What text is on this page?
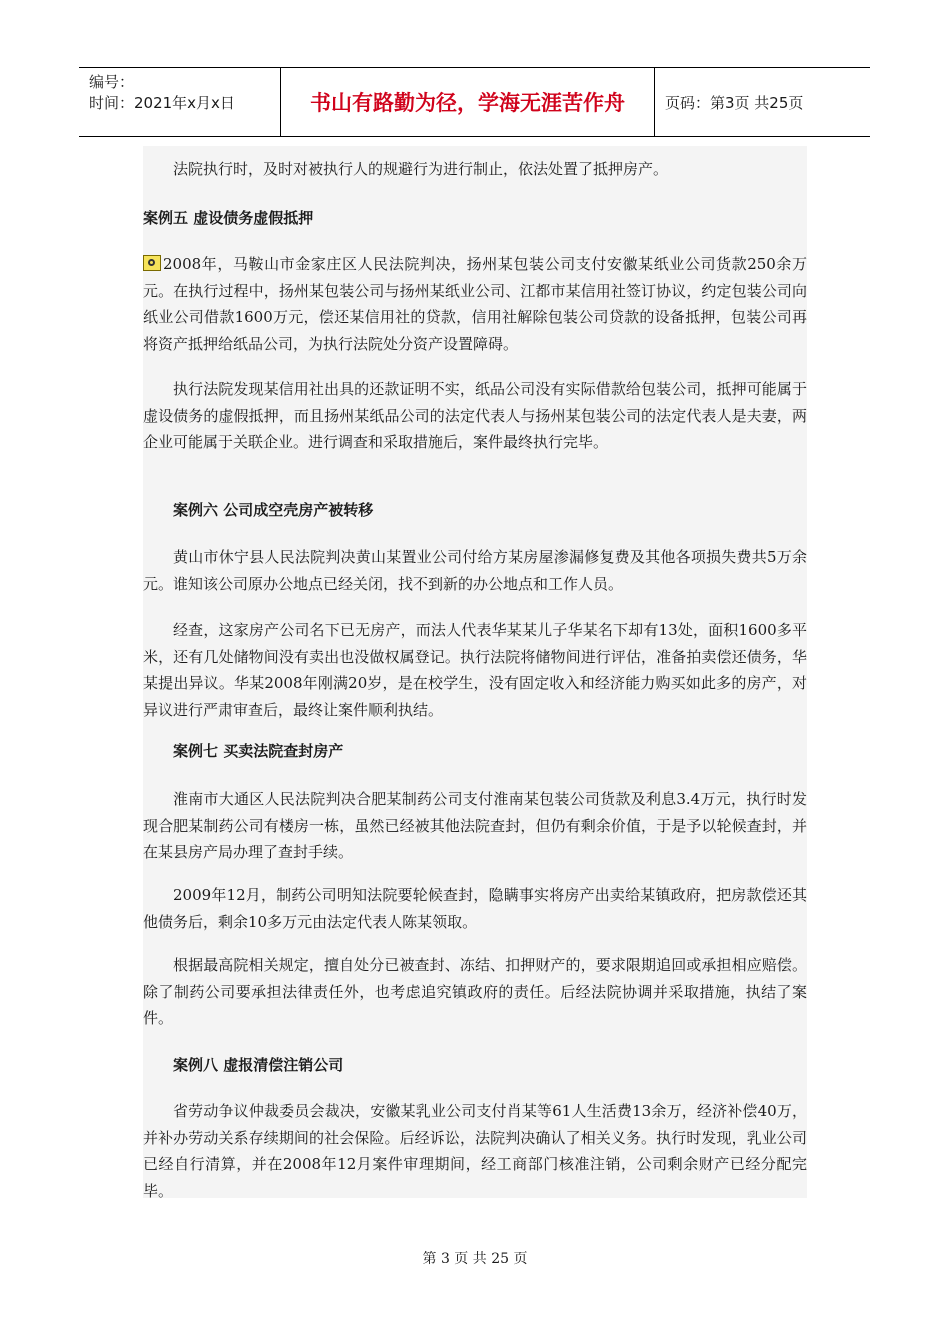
编号：
时间：2021年x月x日	书山有路勤为径，学海无涯苦作舟	页码：第3页 共25页

法院执行时，及时对被执行人的规避行为进行制止，依法处置了抵押房产。

案例五 虚设债务虚假抵押

2008年，马鞍山市金家庄区人民法院判决，扬州某包装公司支付安徽某纸业公司货款250余万元。在执行过程中，扬州某包装公司与扬州某纸业公司、江都市某信用社签订协议，约定包装公司向纸业公司借款1600万元，偿还某信用社的贷款，信用社解除包装公司贷款的设备抵押，包装公司再将资产抵押给纸品公司，为执行法院处分资产设置障碍。

执行法院发现某信用社出具的还款证明不实，纸品公司没有实际借款给包装公司，抵押可能属于虚设债务的虚假抵押，而且扬州某纸品公司的法定代表人与扬州某包装公司的法定代表人是夫妻，两企业可能属于关联企业。进行调查和采取措施后，案件最终执行完毕。

案例六 公司成空壳房产被转移

黄山市休宁县人民法院判决黄山某置业公司付给方某房屋渗漏修复费及其他各项损失费共5万余元。谁知该公司原办公地点已经关闭，找不到新的办公地点和工作人员。

经查，这家房产公司名下已无房产，而法人代表华某某儿子华某名下却有13处，面积1600多平米，还有几处储物间没有卖出也没做权属登记。执行法院将储物间进行评估，准备拍卖偿还债务，华某提出异议。华某2008年刚满20岁，是在校学生，没有固定收入和经济能力购买如此多的房产，对异议进行严肃审查后，最终让案件顺利执结。

案例七 买卖法院查封房产

淮南市大通区人民法院判决合肥某制药公司支付淮南某包装公司货款及利息3.4万元，执行时发现合肥某制药公司有楼房一栋，虽然已经被其他法院查封，但仍有剩余价值，于是予以轮候查封，并在某县房产局办理了查封手续。

2009年12月，制药公司明知法院要轮候查封，隐瞒事实将房产出卖给某镇政府，把房款偿还其他债务后，剩余10多万元由法定代表人陈某领取。

根据最高院相关规定，擅自处分已被查封、冻结、扣押财产的，要求限期追回或承担相应赔偿。除了制药公司要承担法律责任外，也考虑追究镇政府的责任。后经法院协调并采取措施，执结了案件。

案例八 虚报清偿注销公司

省劳动争议仲裁委员会裁决，安徽某乳业公司支付肖某等61人生活费13余万，经济补偿40万，并补办劳动关系存续期间的社会保险。后经诉讼，法院判决确认了相关义务。执行时发现，乳业公司已经自行清算，并在2008年12月案件审理期间，经工商部门核准注销，公司剩余财产已经分配完毕。

第 3 页 共 25 页
